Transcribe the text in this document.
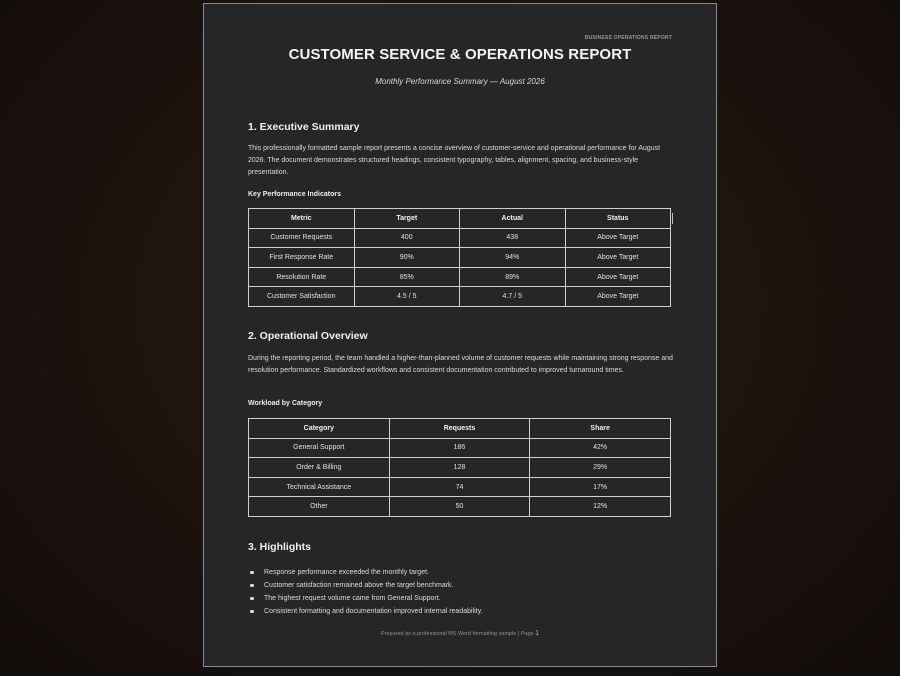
BUSINESS OPERATIONS REPORT
CUSTOMER SERVICE & OPERATIONS REPORT
Monthly Performance Summary — August 2026
1. Executive Summary
This professionally formatted sample report presents a concise overview of customer-service and operational performance for August 2026. The document demonstrates structured headings, consistent typography, tables, alignment, spacing, and business-style presentation.
Key Performance Indicators
Metric	Target	Actual	Status
Customer Requests	400	438	Above Target
First Response Rate	90%	94%	Above Target
Resolution Rate	85%	89%	Above Target
Customer Satisfaction	4.5 / 5	4.7 / 5	Above Target
2. Operational Overview
During the reporting period, the team handled a higher-than-planned volume of customer requests while maintaining strong response and resolution performance. Standardized workflows and consistent documentation contributed to improved turnaround times.
Workload by Category
Category	Requests	Share
General Support	186	42%
Order & Billing	128	29%
Technical Assistance	74	17%
Other	50	12%
3. Highlights
Response performance exceeded the monthly target.
Customer satisfaction remained above the target benchmark.
The highest request volume came from General Support.
Consistent formatting and documentation improved internal readability.
Prepared as a professional MS Word formatting sample | Page 1
